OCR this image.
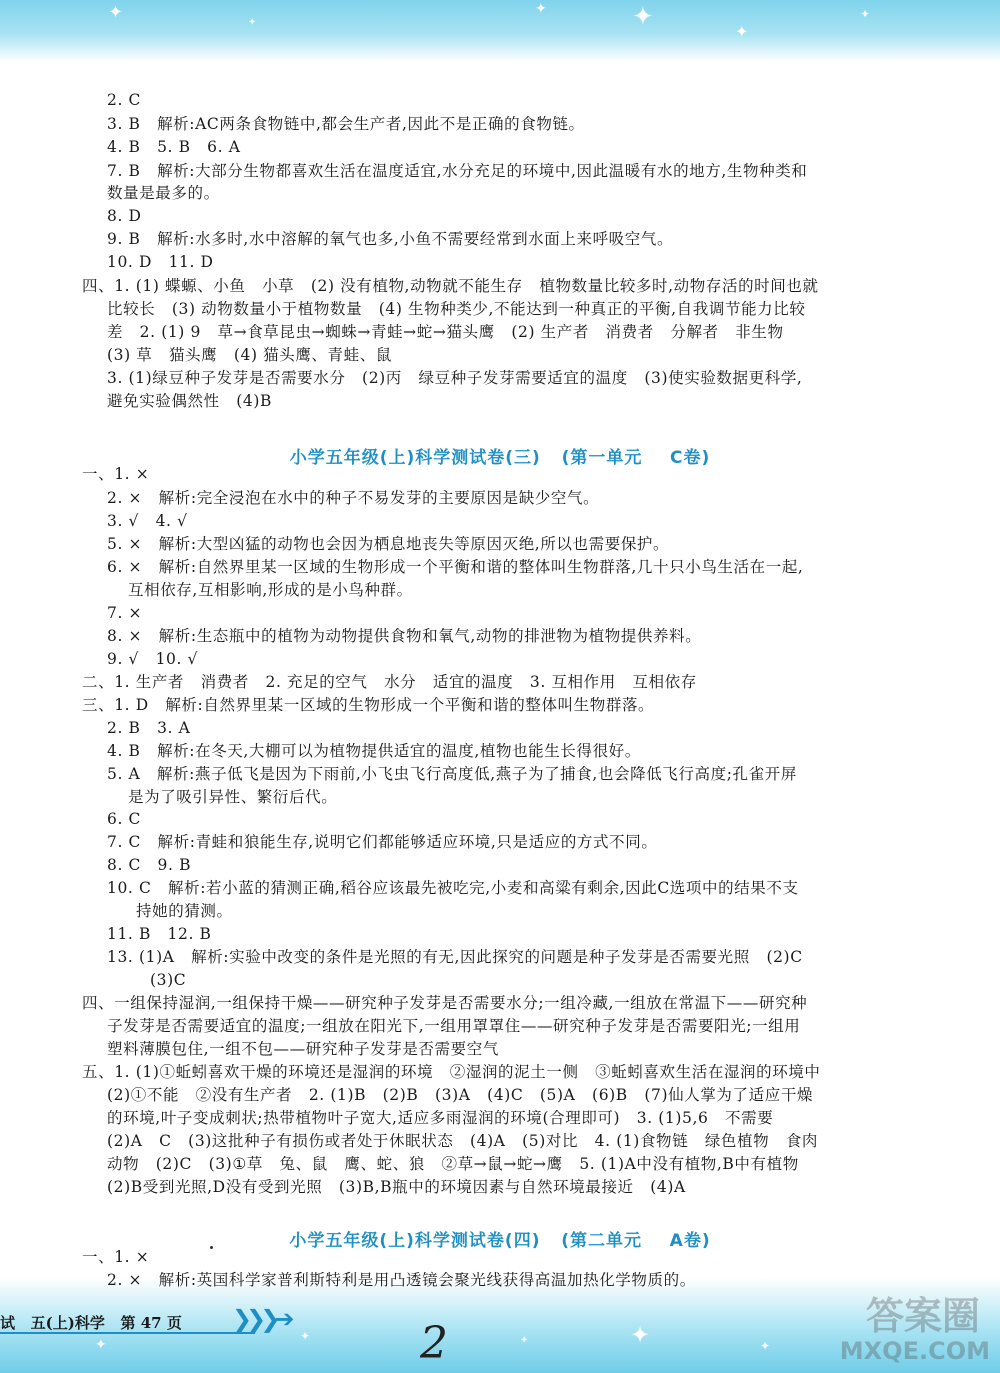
✦	✦
✦	✦	✦
✦
✦
✦	✦	✦	✦
2. C
3. B   解析:AC两条食物链中,都会生产者,因此不是正确的食物链。
4. B   5. B   6. A
7. B   解析:大部分生物都喜欢生活在温度适宜,水分充足的环境中,因此温暖有水的地方,生物种类和
数量是最多的。
8. D
9. B   解析:水多时,水中溶解的氧气也多,小鱼不需要经常到水面上来呼吸空气。
10. D   11. D
四、1. (1) 蝶螈、小鱼   小草   (2) 没有植物,动物就不能生存   植物数量比较多时,动物存活的时间也就
比较长   (3) 动物数量小于植物数量   (4) 生物种类少,不能达到一种真正的平衡,自我调节能力比较
差   2. (1) 9   草→食草昆虫→蜘蛛→青蛙→蛇→猫头鹰   (2) 生产者   消费者   分解者   非生物
(3) 草   猫头鹰   (4) 猫头鹰、青蛙、鼠
3. (1)绿豆种子发芽是否需要水分   (2)丙   绿豆种子发芽需要适宜的温度   (3)使实验数据更科学,
避免实验偶然性   (4)B
一、1. ×
2. ×   解析:完全浸泡在水中的种子不易发芽的主要原因是缺少空气。
3. √   4. √
5. ×   解析:大型凶猛的动物也会因为栖息地丧失等原因灭绝,所以也需要保护。
6. ×   解析:自然界里某一区域的生物形成一个平衡和谐的整体叫生物群落,几十只小鸟生活在一起,
互相依存,互相影响,形成的是小鸟种群。
7. ×
8. ×   解析:生态瓶中的植物为动物提供食物和氧气,动物的排泄物为植物提供养料。
9. √   10. √
二、1. 生产者   消费者   2. 充足的空气   水分   适宜的温度   3. 互相作用   互相依存
三、1. D   解析:自然界里某一区域的生物形成一个平衡和谐的整体叫生物群落。
2. B   3. A
4. B   解析:在冬天,大棚可以为植物提供适宜的温度,植物也能生长得很好。
5. A   解析:燕子低飞是因为下雨前,小飞虫飞行高度低,燕子为了捕食,也会降低飞行高度;孔雀开屏
是为了吸引异性、繁衍后代。
6. C
7. C   解析:青蛙和狼能生存,说明它们都能够适应环境,只是适应的方式不同。
8. C   9. B
10. C   解析:若小蓝的猜测正确,稻谷应该最先被吃完,小麦和高粱有剩余,因此C选项中的结果不支
持她的猜测。
11. B   12. B
13. (1)A   解析:实验中改变的条件是光照的有无,因此探究的问题是种子发芽是否需要光照   (2)C
(3)C
四、一组保持湿润,一组保持干燥——研究种子发芽是否需要水分;一组冷藏,一组放在常温下——研究种
子发芽是否需要适宜的温度;一组放在阳光下,一组用罩罩住——研究种子发芽是否需要阳光;一组用
塑料薄膜包住,一组不包——研究种子发芽是否需要空气
五、1. (1)①蚯蚓喜欢干燥的环境还是湿润的环境   ②湿润的泥土一侧   ③蚯蚓喜欢生活在湿润的环境中
(2)①不能   ②没有生产者   2. (1)B   (2)B   (3)A   (4)C   (5)A   (6)B   (7)仙人掌为了适应干燥
的环境,叶子变成刺状;热带植物叶子宽大,适应多雨湿润的环境(合理即可)   3. (1)5,6   不需要
(2)A   C   (3)这批种子有损伤或者处于休眠状态   (4)A   (5)对比   4. (1)食物链   绿色植物   食肉
动物   (2)C   (3)①草   兔、鼠   鹰、蛇、狼   ②草→鼠→蛇→鹰   5. (1)A中没有植物,B中有植物
(2)B受到光照,D没有受到光照   (3)B,B瓶中的环境因素与自然环境最接近   (4)A
一、1. ×
2. ×   解析:英国科学家普利斯特利是用凸透镜会聚光线获得高温加热化学物质的。
小学五年级(上)科学测试卷(三)   (第一单元    C卷)
小学五年级(上)科学测试卷(四)   (第二单元    A卷)
试   五(上)科学   第 47 页 ❯❯❯➔	2
答案圈
MXQE.COM
